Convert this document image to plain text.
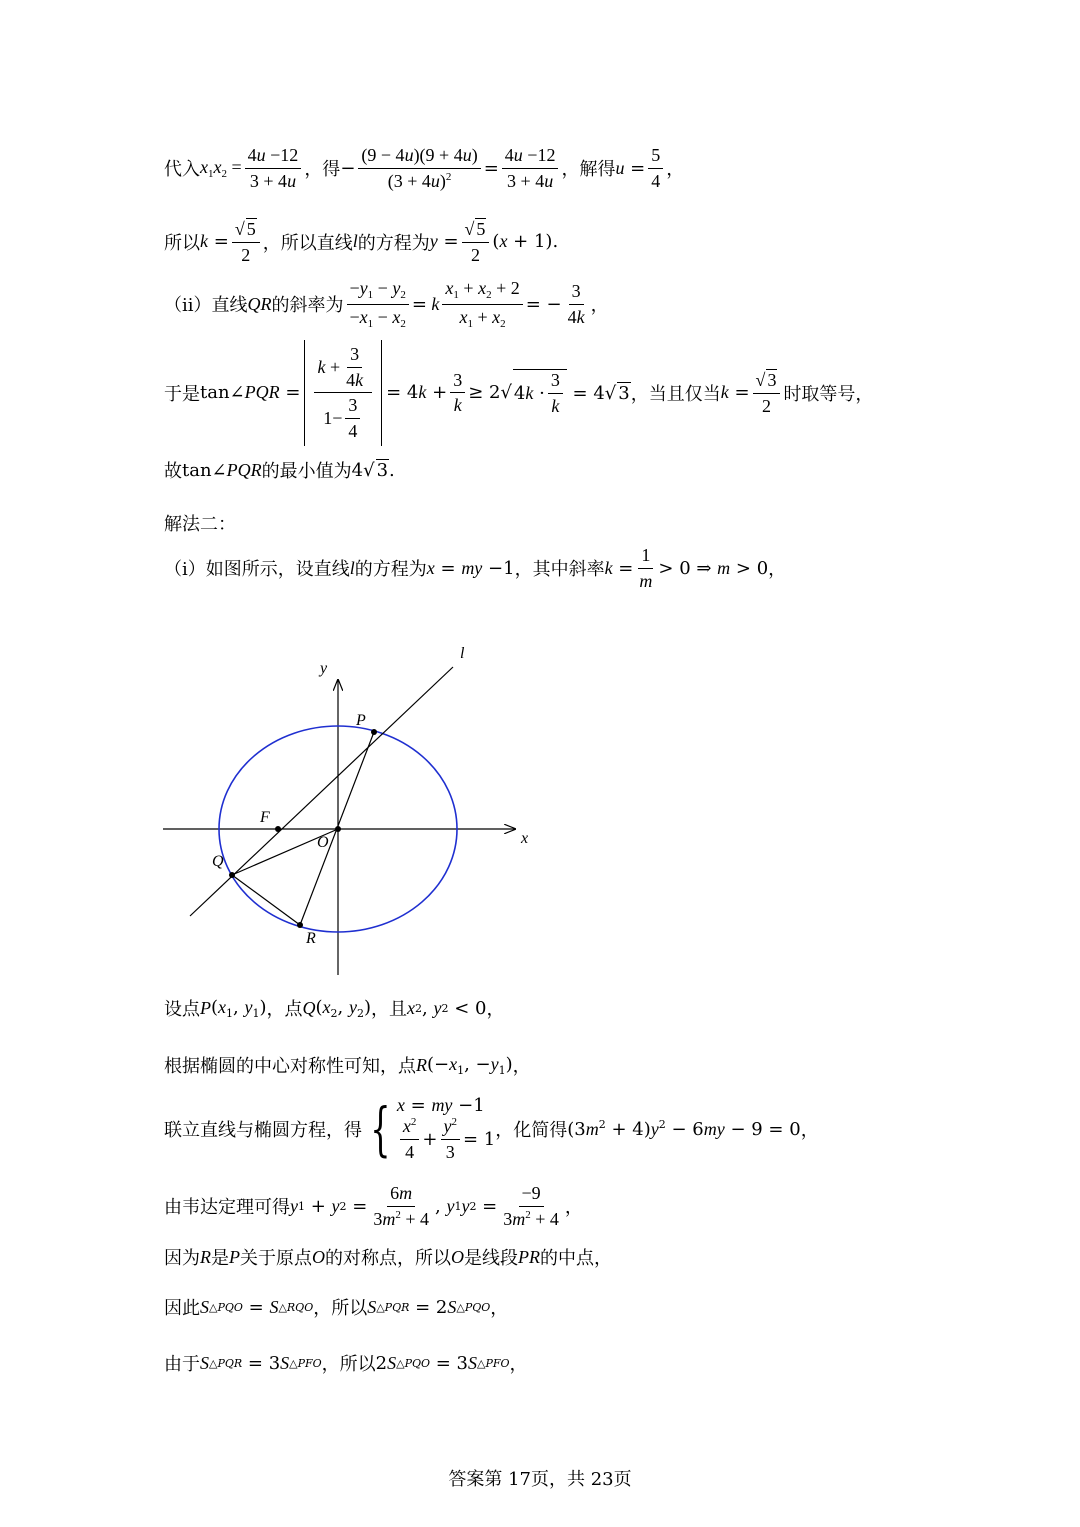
代入 $x_1x_2 = \frac{4u -12}{3 + 4u}$ ，得 − $\frac{(9 - 4u)(9 + 4u)}{(3 + 4u)^2} = \frac{4u -12}{3 + 4u}$ ，解得 $u = \frac{5}{4}$ ，
所以 $k = \frac{√ 5}{2}$ ，所以直线 l 的方程为 $y = \frac{√ 5}{2} (x + 1)$.
（ii）直线 QR 的斜率为 $\frac{-y_1 - y_2}{-x_1 - x_2} = k \frac{x_1 + x_2 + 2}{x_1 + x_2}$ = − $\frac{3}{4k}$ ，
于是 tan∠PQR = $\frac{k + \frac{3}{4k}}{1- \frac{3}{4}} = 4k + \frac{3}{k} \ge 2√$ 4 $k \cdot \frac{3}{k} = 4√$ 3 ，当且仅当 $k = \frac{√ 3}{2}$ 时取等号，
故 tan∠PQR 的最小值为 4√ 3.
解法二：
（i）如图所示，设直线 l 的方程为 x = my −1 ，其中斜率 $k = \frac{1}{m} > 0$ ⇒ m > 0 ，
y
x
l
P
F
O
Q
R
设点 P ($x_1$, $y_1$) ，点 Q ($x_2$, $y_2$) ，且 x 2 , y 2 < 0 ，
根据椭圆的中心对称性可知，点 R ($-x_1$, $-y_1$) ，
联立直线与椭圆方程，得 { x = my −1
$\frac{x^2}{4} + \frac{y^2}{3} = 1$ ，化简得 $(3m^2 + 4)y^2 - 6my - 9 = 0$ ，
由韦达定理可得 y 1 + y $2 = \frac{6m}{3m^2 + 4}$ , y 1 y $2 = \frac{-9}{3m^2 + 4}$ ，
因为 R 是 P 关于原点 O 的对称点，所以 O 是线段 PR 的中点，
因此 S △PQO = S △RQO ，所以 S △PQR = 2 S △PQO ，
由于 S △PQR = 3 S △PFO ，所以 2 S △PQO = 3 S △PFO ，
答案第 17页，共 23页
